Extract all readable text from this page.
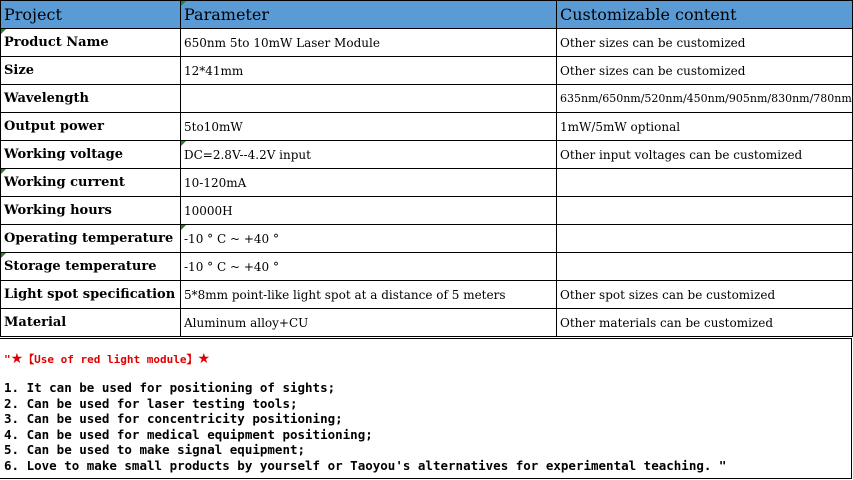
Project	Parameter	Customizable content

Product Name	650nm 5to 10mW Laser Module	Other sizes can be customized
Size	12*41mm	Other sizes can be customized
Wavelength		635nm/650nm/520nm/450nm/905nm/830nm/780nm
Output power	5to10mW	1mW/5mW optional
Working voltage	DC=2.8V--4.2V input	Other input voltages can be customized

Working current	10-120mA	
Working hours	10000H	
Operating temperature	-10 ° C ~ +40 °	

Storage temperature	-10 ° C ~ +40 °	
Light spot specification	5*8mm point-like light spot at a distance of 5 meters	Other spot sizes can be customized
Material	Aluminum alloy+CU	Other materials can be customized
"★【Use of red light module】★
1. It can be used for positioning of sights;
2. Can be used for laser testing tools;
3. Can be used for concentricity positioning;
4. Can be used for medical equipment positioning;
5. Can be used to make signal equipment;
6. Love to make small products by yourself or Taoyou's alternatives for experimental teaching. "
